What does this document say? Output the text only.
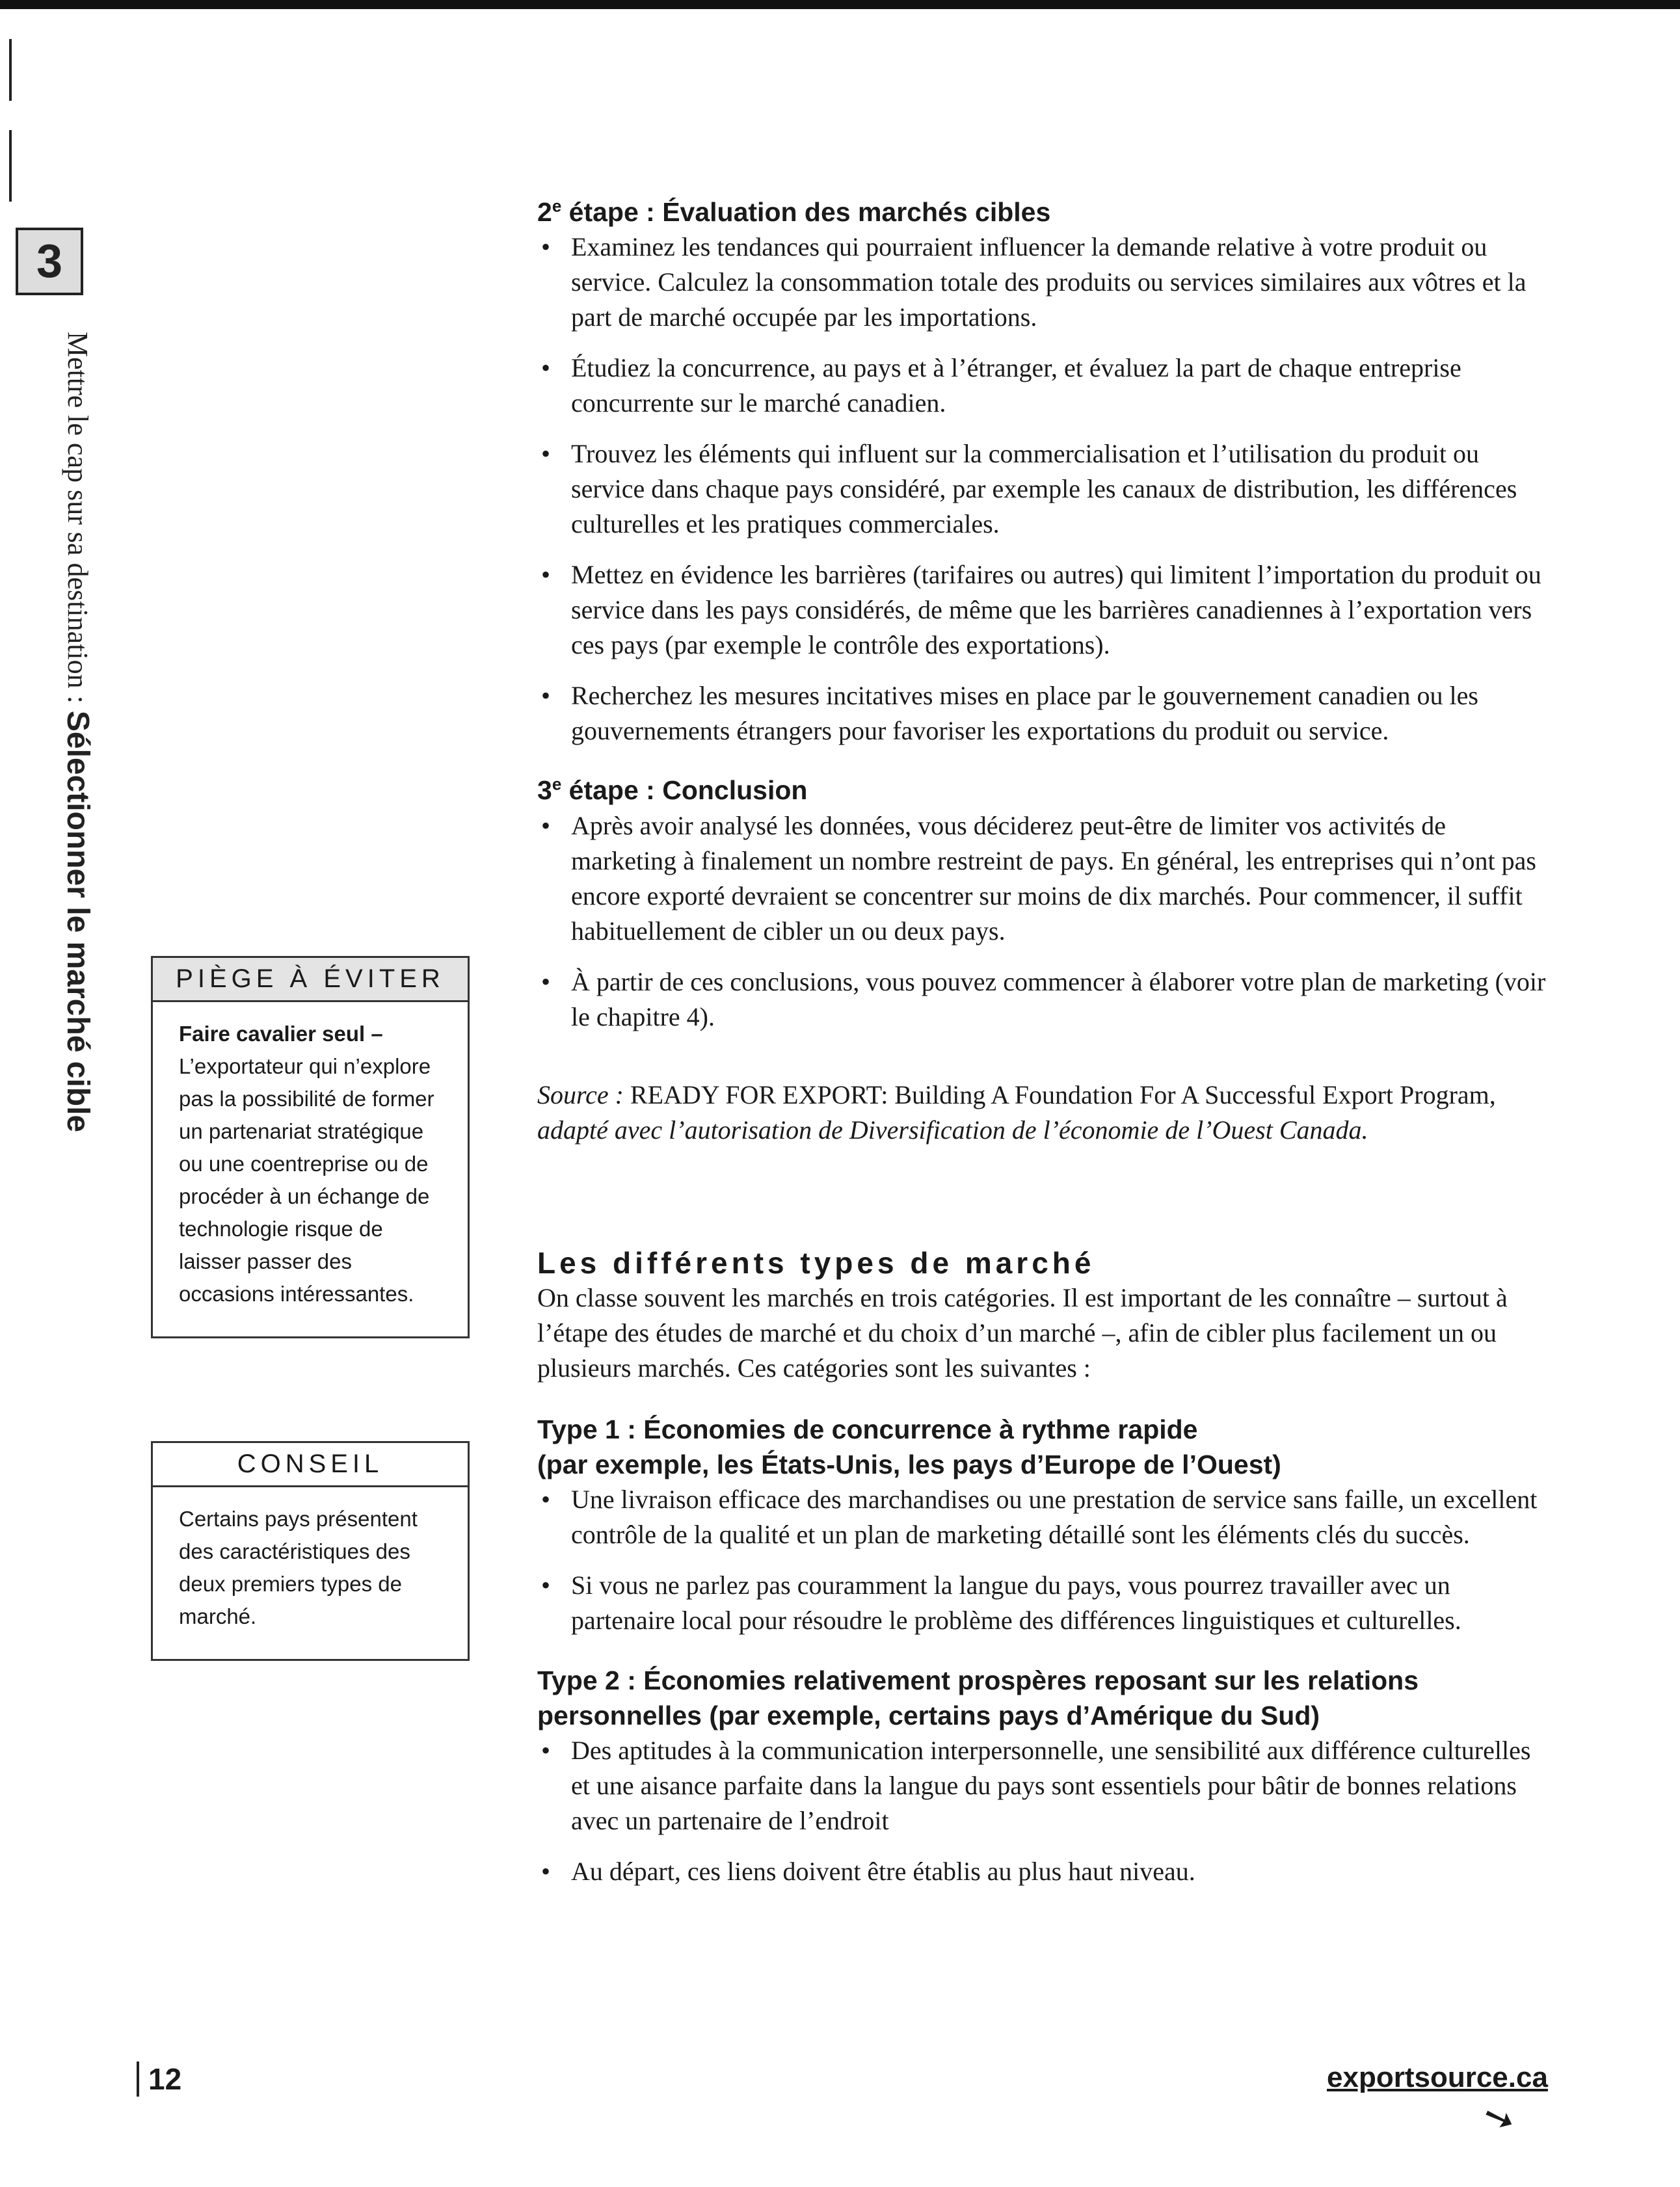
3
Mettre le cap sur sa destination : Sélectionner le marché cible	PIÈGE À ÉVITER
Faire cavalier seul – L’exportateur qui n’explore pas la possibilité de former un partenariat stratégique ou une coentreprise ou de procéder à un échange de technologie risque de laisser passer des occasions intéressantes.
CONSEIL
Certains pays présentent des caractéristiques des deux premiers types de marché.

2e étape : Évaluation des marchés cibles

• Examinez les tendances qui pourraient influencer la demande relative à votre produit ou service. Calculez la consommation totale des produits ou services similaires aux vôtres et la part de marché occupée par les importations.
• Étudiez la concurrence, au pays et à l’étranger, et évaluez la part de chaque entreprise concurrente sur le marché canadien.
• Trouvez les éléments qui influent sur la commercialisation et l’utilisation du produit ou service dans chaque pays considéré, par exemple les canaux de distribution, les différences culturelles et les pratiques commerciales.
• Mettez en évidence les barrières (tarifaires ou autres) qui limitent l’importation du produit ou service dans les pays considérés, de même que les barrières canadiennes à l’exportation vers ces pays (par exemple le contrôle des exportations).
• Recherchez les mesures incitatives mises en place par le gouvernement canadien ou les gouvernements étrangers pour favoriser les exportations du produit ou service.

3e étape : Conclusion

• Après avoir analysé les données, vous déciderez peut-être de limiter vos activités de marketing à finalement un nombre restreint de pays. En général, les entreprises qui n’ont pas encore exporté devraient se concentrer sur moins de dix marchés. Pour commencer, il suffit habituellement de cibler un ou deux pays.
• À partir de ces conclusions, vous pouvez commencer à élaborer votre plan de marketing (voir le chapitre 4).

Source : READY FOR EXPORT: Building A Foundation For A Successful Export Program, adapté avec l’autorisation de Diversification de l’économie de l’Ouest Canada.

Les différents types de marché

On classe souvent les marchés en trois catégories. Il est important de les connaître – surtout à l’étape des études de marché et du choix d’un marché –, afin de cibler plus facilement un ou plusieurs marchés. Ces catégories sont les suivantes :

Type 1 : Économies de concurrence à rythme rapide
(par exemple, les États-Unis, les pays d’Europe de l’Ouest)

• Une livraison efficace des marchandises ou une prestation de service sans faille, un excellent contrôle de la qualité et un plan de marketing détaillé sont les éléments clés du succès.
• Si vous ne parlez pas couramment la langue du pays, vous pourrez travailler avec un partenaire local pour résoudre le problème des différences linguistiques et culturelles.

Type 2 : Économies relativement prospères reposant sur les relations
personnelles (par exemple, certains pays d’Amérique du Sud)

• Des aptitudes à la communication interpersonnelle, une sensibilité aux différence culturelles et une aisance parfaite dans la langue du pays sont essentiels pour bâtir de bonnes relations avec un partenaire de l’endroit
• Au départ, ces liens doivent être établis au plus haut niveau.
12	exportsource.ca
➘
